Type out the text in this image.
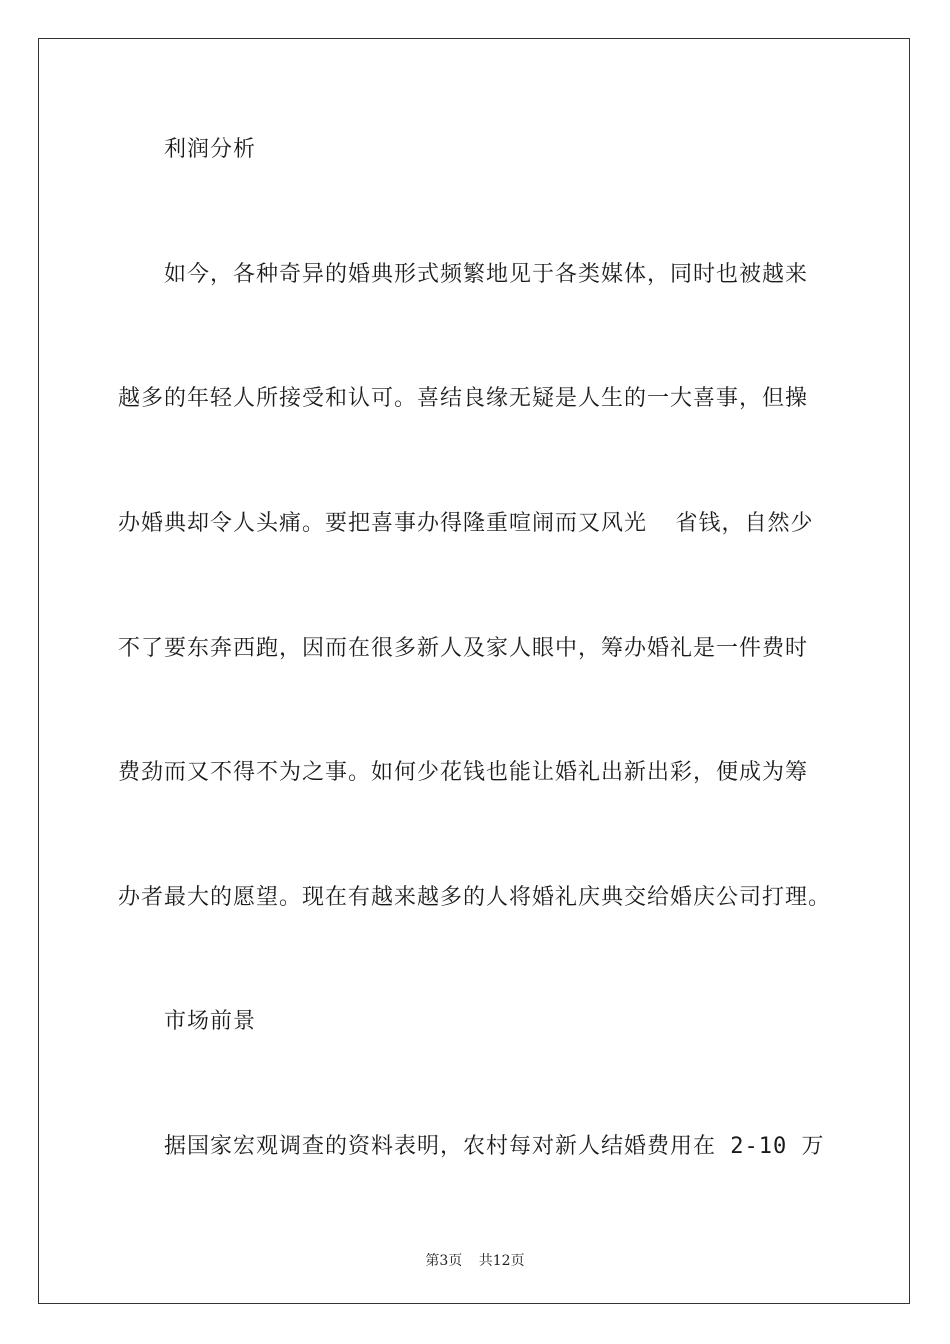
利润分析
如今，各种奇异的婚典形式频繁地见于各类媒体，同时也被越来
越多的年轻人所接受和认可。喜结良缘无疑是人生的一大喜事，但操
办婚典却令人头痛。要把喜事办得隆重喧闹而又风光  省钱，自然少
不了要东奔西跑，因而在很多新人及家人眼中，筹办婚礼是一件费时
费劲而又不得不为之事。如何少花钱也能让婚礼出新出彩，便成为筹
办者最大的愿望。现在有越来越多的人将婚礼庆典交给婚庆公司打理。
市场前景
据国家宏观调查的资料表明，农村每对新人结婚费用在 2-10 万
第3页 共12页
